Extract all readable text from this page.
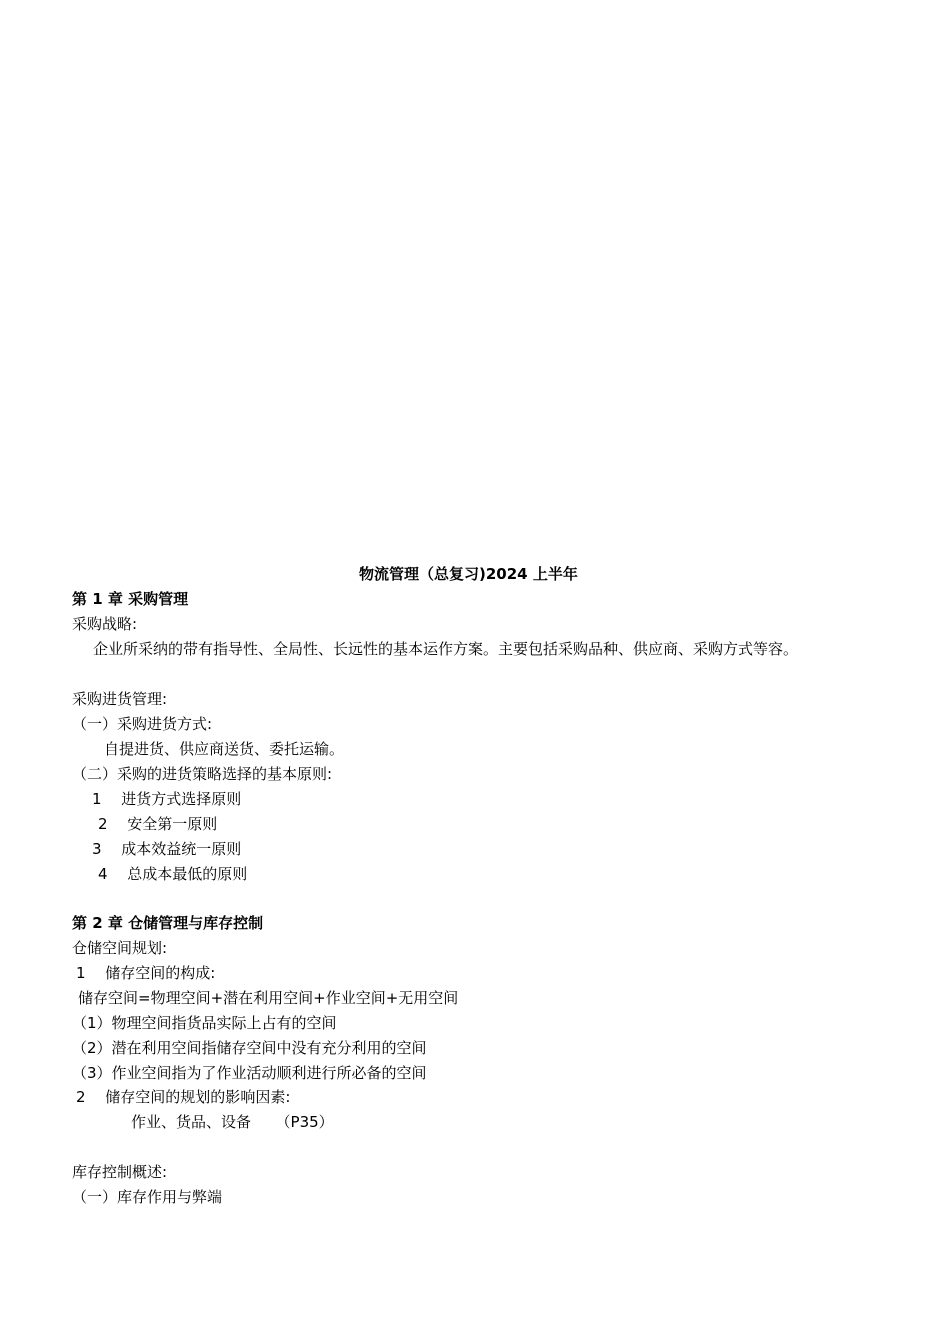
物流管理（总复习)2024 上半年
第 1 章 采购管理
采购战略:
企业所采纳的带有指导性、全局性、长远性的基本运作方案。主要包括采购品种、供应商、采购方式等容。
采购进货管理:
（一）采购进货方式:
自提进货、供应商送货、委托运输。
（二）采购的进货策略选择的基本原则:
1　 进货方式选择原则
2　 安全第一原则
3　 成本效益统一原则
4　 总成本最低的原则
第 2 章 仓储管理与库存控制
仓储空间规划:
1　 储存空间的构成:
储存空间=物理空间+潜在利用空间+作业空间+无用空间
（1）物理空间指货品实际上占有的空间
（2）潜在利用空间指储存空间中没有充分利用的空间
（3）作业空间指为了作业活动顺利进行所必备的空间
2　 储存空间的规划的影响因素:
作业、货品、设备　  （P35）
库存控制概述:
（一）库存作用与弊端
